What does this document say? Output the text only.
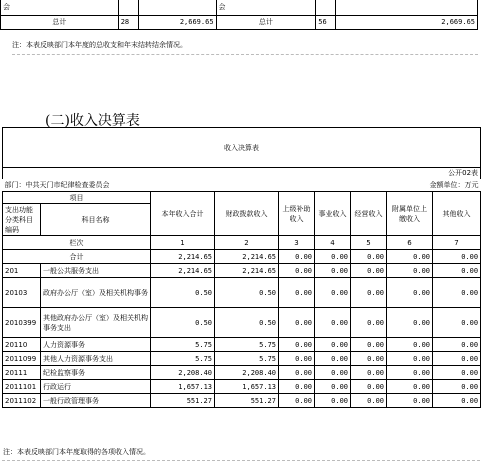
会			会		
总计	28	2,669.65	总计	56	2,669.65
注：本表反映部门本年度的总收支和年末结转结余情况。
(二)收入决算表
收入决算表								
公开02表								
部门：中共天门市纪律检查委员会					金额单位：万元			
项目		本年收入合计	财政拨款收入	上级补助收入	事业收入	经营收入	附属单位上缴收入	其他收入
支出功能分类科目编码	科目名称							

栏次		1	2	3	4	5	6	7
合计		2,214.65	2,214.65	0.00	0.00	0.00	0.00	0.00
201	一般公共服务支出	2,214.65	2,214.65	0.00	0.00	0.00	0.00	0.00
20103	政府办公厅（室）及相关机构事务	0.50	0.50	0.00	0.00	0.00	0.00	0.00
2010399	其他政府办公厅（室）及相关机构事务支出	0.50	0.50	0.00	0.00	0.00	0.00	0.00
20110	人力资源事务	5.75	5.75	0.00	0.00	0.00	0.00	0.00
2011099	其他人力资源事务支出	5.75	5.75	0.00	0.00	0.00	0.00	0.00
20111	纪检监察事务	2,208.40	2,208.40	0.00	0.00	0.00	0.00	0.00
2011101	行政运行	1,657.13	1,657.13	0.00	0.00	0.00	0.00	0.00
2011102	一般行政管理事务	551.27	551.27	0.00	0.00	0.00	0.00	0.00
注：本表反映部门本年度取得的各项收入情况。
